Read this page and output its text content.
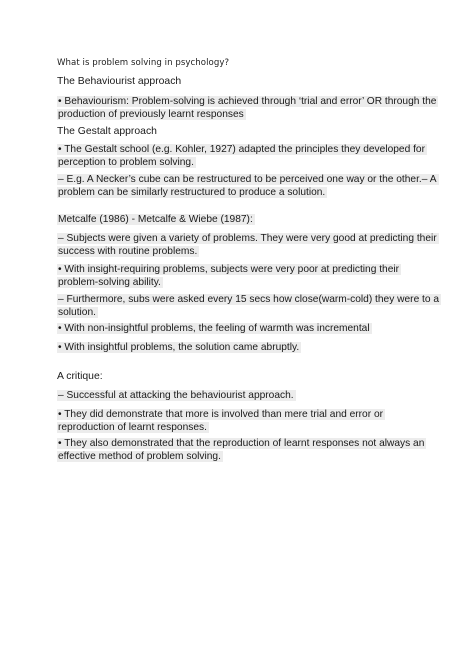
What is problem solving in psychology?
The Behaviourist approach
• Behaviourism: Problem-solving is achieved through ‘trial and error’ OR through the
production of previously learnt responses
The Gestalt approach
• The Gestalt school (e.g. Kohler, 1927) adapted the principles they developed for
perception to problem solving.
– E.g. A Necker’s cube can be restructured to be perceived one way or the other.– A
problem can be similarly restructured to produce a solution.
Metcalfe (1986) - Metcalfe & Wiebe (1987):
– Subjects were given a variety of problems. They were very good at predicting their
success with routine problems.
• With insight-requiring problems, subjects were very poor at predicting their
problem-solving ability.
– Furthermore, subs were asked every 15 secs how close(warm-cold) they were to a
solution.
• With non-insightful problems, the feeling of warmth was incremental
• With insightful problems, the solution came abruptly.
A critique:
– Successful at attacking the behaviourist approach.
• They did demonstrate that more is involved than mere trial and error or
reproduction of learnt responses.
• They also demonstrated that the reproduction of learnt responses not always an
effective method of problem solving.
